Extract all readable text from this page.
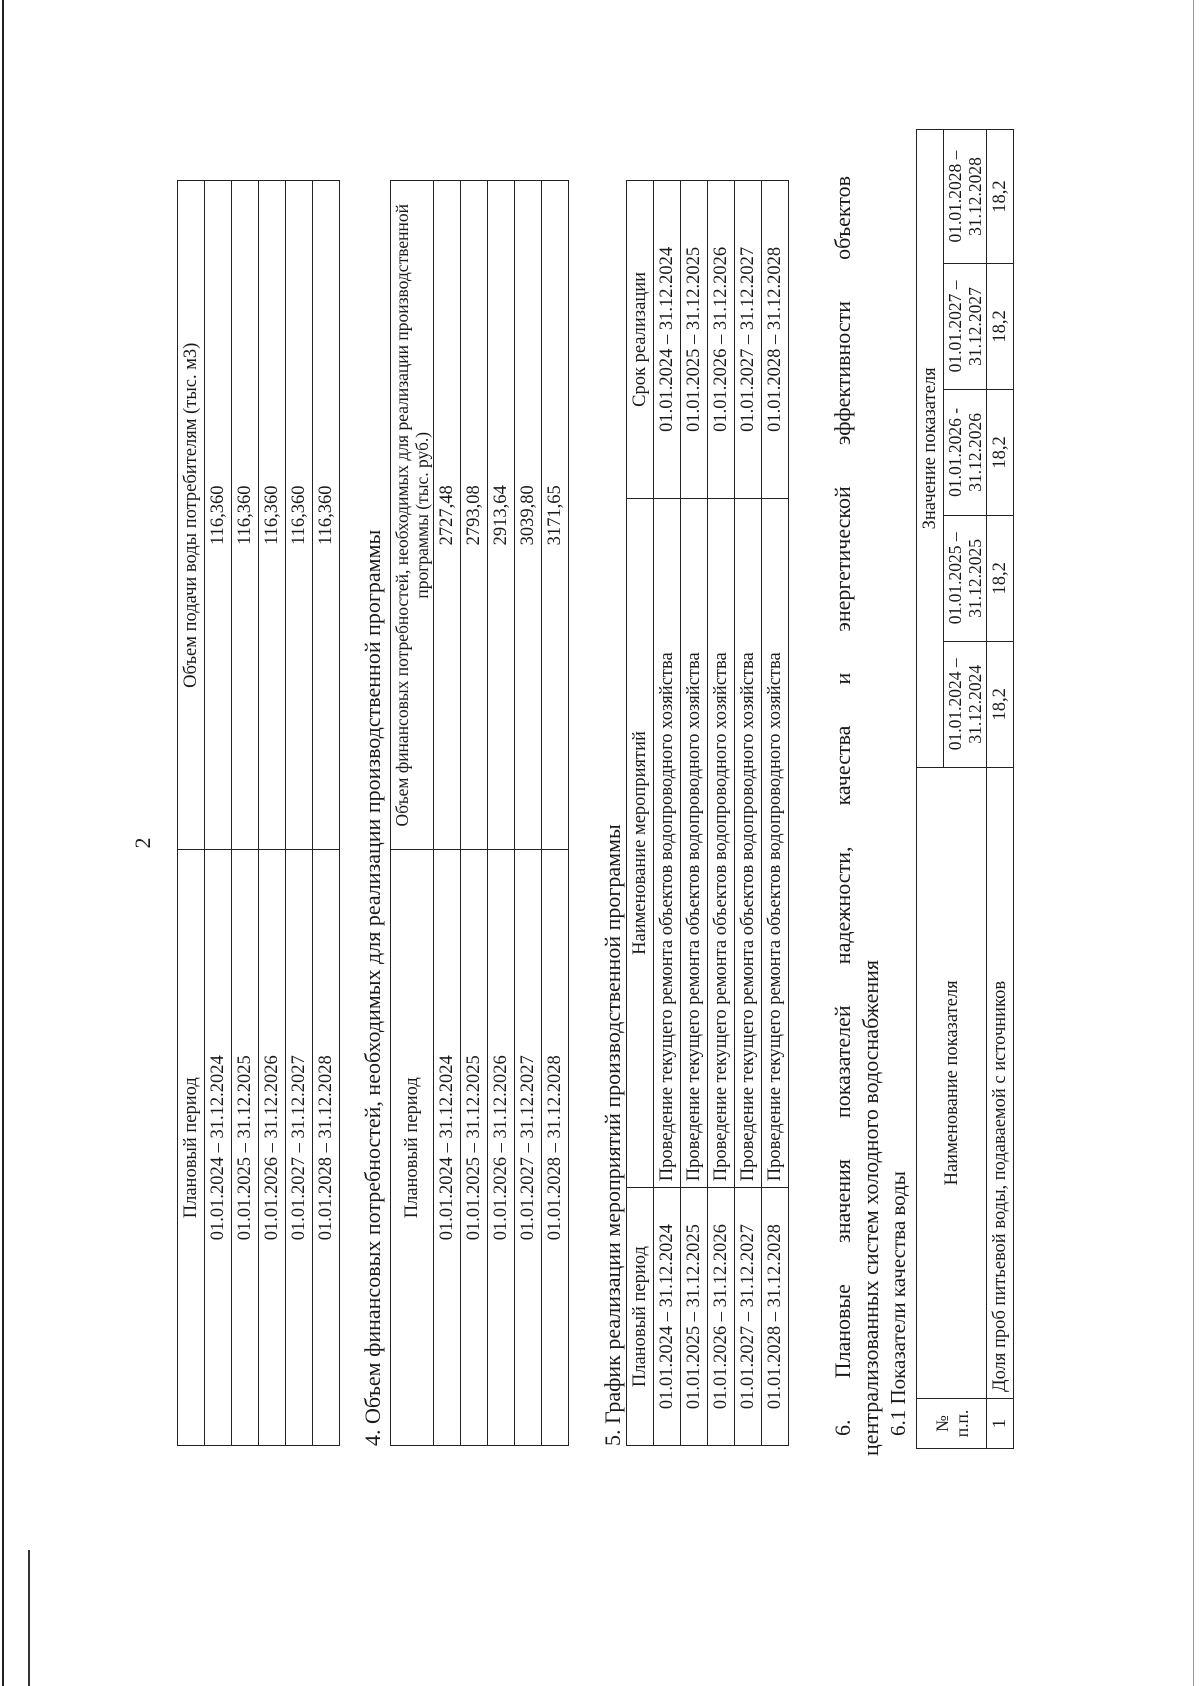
2
Плановый период	Объем подачи воды потребителям (тыс. м3)
01.01.2024 – 31.12.2024	116,360
01.01.2025 – 31.12.2025	116,360
01.01.2026 – 31.12.2026	116,360
01.01.2027 – 31.12.2027	116,360
01.01.2028 – 31.12.2028	116,360
4. Объем финансовых потребностей, необходимых для реализации производственной программы Плановый период	Объем финансовых потребностей, необходимых для реализации производственной программы (тыс. руб.)
01.01.2024 – 31.12.2024	2727,48
01.01.2025 – 31.12.2025	2793,08
01.01.2026 – 31.12.2026	2913,64
01.01.2027 – 31.12.2027	3039,80
01.01.2028 – 31.12.2028	3171,65
5. График реализации мероприятий производственной программы Плановый период	Наименование мероприятий	Срок реализации
01.01.2024 – 31.12.2024	Проведение текущего ремонта объектов водопроводного хозяйства	01.01.2024 – 31.12.2024
01.01.2025 – 31.12.2025	Проведение текущего ремонта объектов водопроводного хозяйства	01.01.2025 – 31.12.2025
01.01.2026 – 31.12.2026	Проведение текущего ремонта объектов водопроводного хозяйства	01.01.2026 – 31.12.2026
01.01.2027 – 31.12.2027	Проведение текущего ремонта объектов водопроводного хозяйства	01.01.2027 – 31.12.2027
01.01.2028 – 31.12.2028	Проведение текущего ремонта объектов водопроводного хозяйства	01.01.2028 – 31.12.2028 6. Плановые значения показателей надежности, качества и энергетической эффективности объектов централизованных систем холодного водоснабжения 6.1 Показатели качества воды № п.п.	Наименование показателя	Значение показателя				
		01.01.2024 – 31.12.2024	01.01.2025 – 31.12.2025	01.01.2026 - 31.12.2026	01.01.2027 – 31.12.2027	01.01.2028 – 31.12.2028
1	Доля проб питьевой воды, подаваемой с источников	18,2	18,2	18,2	18,2	18,2
